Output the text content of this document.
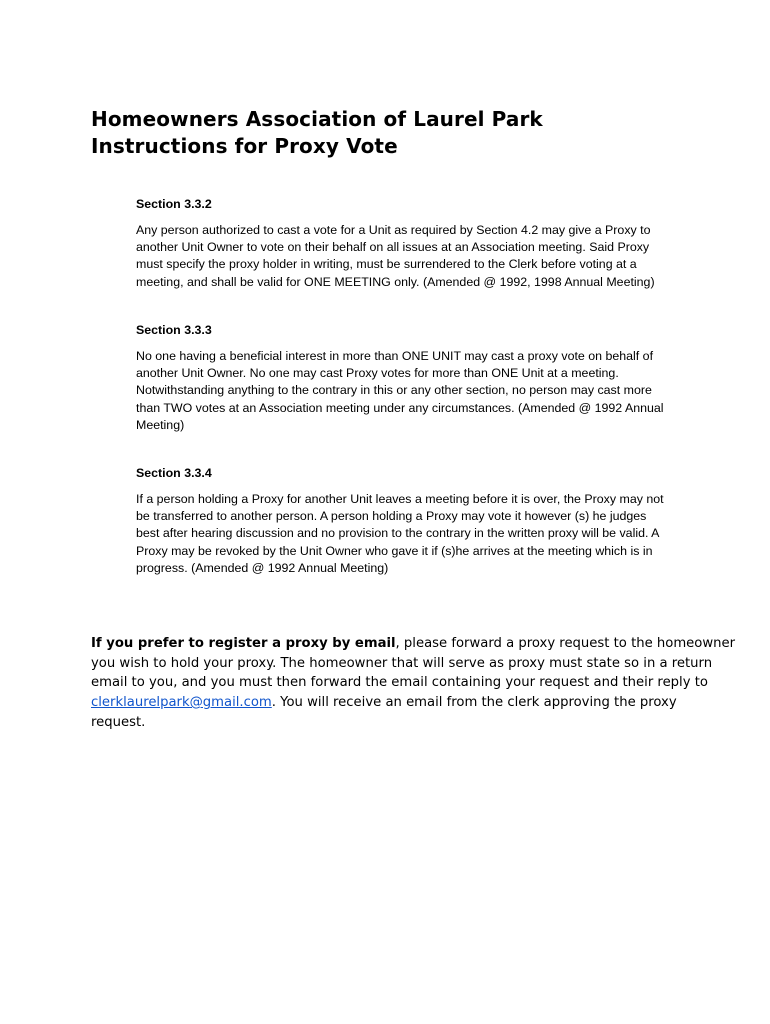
Homeowners Association of Laurel Park
Instructions for Proxy Vote
Section 3.3.2

Any person authorized to cast a vote for a Unit as required by Section 4.2 may give a Proxy to
another Unit Owner to vote on their behalf on all issues at an Association meeting. Said Proxy
must specify the proxy holder in writing, must be surrendered to the Clerk before voting at a
meeting, and shall be valid for ONE MEETING only. (Amended @ 1992, 1998 Annual Meeting)

Section 3.3.3

No one having a beneficial interest in more than ONE UNIT may cast a proxy vote on behalf of
another Unit Owner. No one may cast Proxy votes for more than ONE Unit at a meeting.
Notwithstanding anything to the contrary in this or any other section, no person may cast more
than TWO votes at an Association meeting under any circumstances. (Amended @ 1992 Annual
Meeting)

Section 3.3.4

If a person holding a Proxy for another Unit leaves a meeting before it is over, the Proxy may not
be transferred to another person. A person holding a Proxy may vote it however (s) he judges
best after hearing discussion and no provision to the contrary in the written proxy will be valid. A
Proxy may be revoked by the Unit Owner who gave it if (s)he arrives at the meeting which is in
progress. (Amended @ 1992 Annual Meeting)

If you prefer to register a proxy by email, please forward a proxy request to the homeowner
you wish to hold your proxy. The homeowner that will serve as proxy must state so in a return
email to you, and you must then forward the email containing your request and their reply to
clerklaurelpark@gmail.com. You will receive an email from the clerk approving the proxy
request.
